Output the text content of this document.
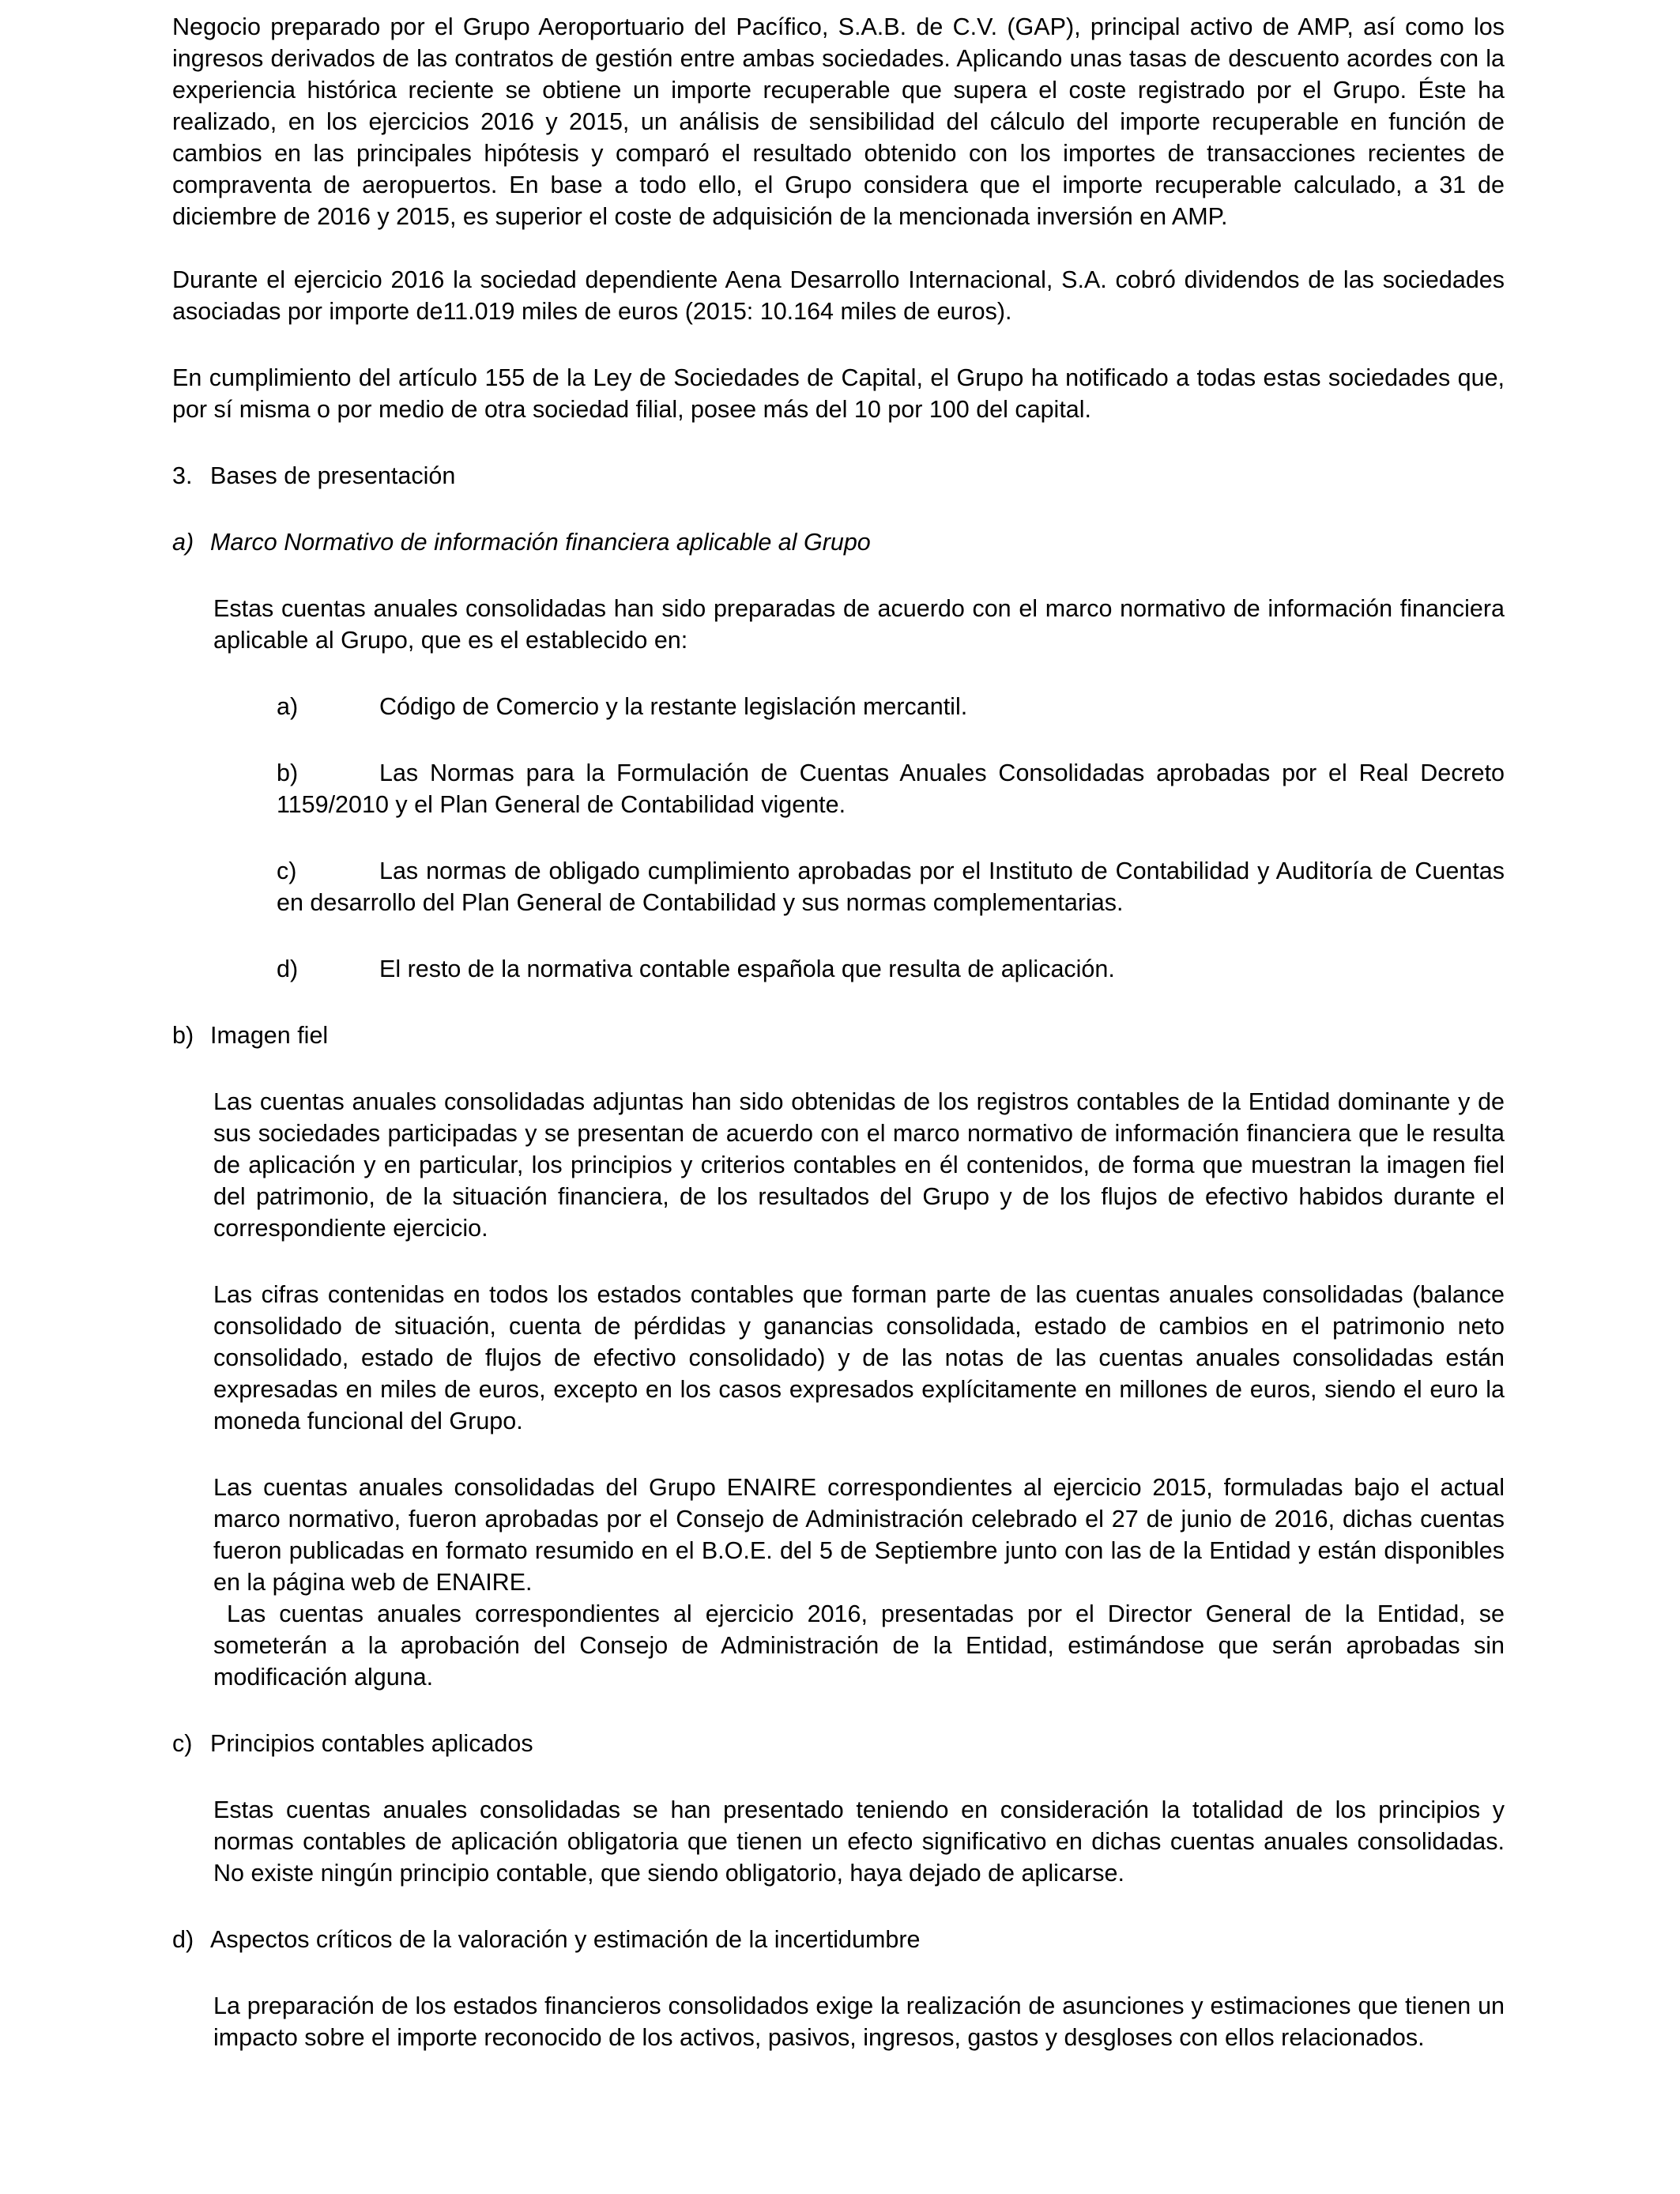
Negocio preparado por el Grupo Aeroportuario del Pacífico, S.A.B. de C.V. (GAP), principal activo de AMP, así como los ingresos derivados de las contratos de gestión entre ambas sociedades. Aplicando unas tasas de descuento acordes con la experiencia histórica reciente se obtiene un importe recuperable que supera el coste registrado por el Grupo. Éste ha realizado, en los ejercicios 2016 y 2015, un análisis de sensibilidad del cálculo del importe recuperable en función de cambios en las principales hipótesis y comparó el resultado obtenido con los importes de transacciones recientes de compraventa de aeropuertos. En base a todo ello, el Grupo considera que el importe recuperable calculado, a 31 de diciembre de 2016 y 2015, es superior el coste de adquisición de la mencionada inversión en AMP.

Durante el ejercicio 2016 la sociedad dependiente Aena Desarrollo Internacional, S.A. cobró dividendos de las sociedades asociadas por importe de11.019 miles de euros (2015: 10.164 miles de euros).

En cumplimiento del artículo 155 de la Ley de Sociedades de Capital, el Grupo ha notificado a todas estas sociedades que, por sí misma o por medio de otra sociedad filial, posee más del 10 por 100 del capital.

3. Bases de presentación
a) Marco Normativo de información financiera aplicable al Grupo

Estas cuentas anuales consolidadas han sido preparadas de acuerdo con el marco normativo de información financiera aplicable al Grupo, que es el establecido en:

a)	Código de Comercio y la restante legislación mercantil.

b)	Las Normas para la Formulación de Cuentas Anuales Consolidadas aprobadas por el Real Decreto 1159/2010 y el Plan General de Contabilidad vigente.

c)	Las normas de obligado cumplimiento aprobadas por el Instituto de Contabilidad y Auditoría de Cuentas en desarrollo del Plan General de Contabilidad y sus normas complementarias.

d)	El resto de la normativa contable española que resulta de aplicación.

b) Imagen fiel

Las cuentas anuales consolidadas adjuntas han sido obtenidas de los registros contables de la Entidad dominante y de sus sociedades participadas y se presentan de acuerdo con el marco normativo de información financiera que le resulta de aplicación y en particular, los principios y criterios contables en él contenidos, de forma que muestran la imagen fiel del patrimonio, de la situación financiera, de los resultados del Grupo y de los flujos de efectivo habidos durante el correspondiente ejercicio.

Las cifras contenidas en todos los estados contables que forman parte de las cuentas anuales consolidadas (balance consolidado de situación, cuenta de pérdidas y ganancias consolidada, estado de cambios en el patrimonio neto consolidado, estado de flujos de efectivo consolidado) y de las notas de las cuentas anuales consolidadas están expresadas en miles de euros, excepto en los casos expresados explícitamente en millones de euros, siendo el euro la moneda funcional del Grupo.

Las cuentas anuales consolidadas del Grupo ENAIRE correspondientes al ejercicio 2015, formuladas bajo el actual marco normativo, fueron aprobadas por el Consejo de Administración celebrado el 27 de junio de 2016, dichas cuentas fueron publicadas en formato resumido en el B.O.E. del 5 de Septiembre junto con las de la Entidad y están disponibles en la página web de ENAIRE.

Las cuentas anuales correspondientes al ejercicio 2016, presentadas por el Director General de la Entidad, se someterán a la aprobación del Consejo de Administración de la Entidad, estimándose que serán aprobadas sin modificación alguna.

c) Principios contables aplicados

Estas cuentas anuales consolidadas se han presentado teniendo en consideración la totalidad de los principios y normas contables de aplicación obligatoria que tienen un efecto significativo en dichas cuentas anuales consolidadas. No existe ningún principio contable, que siendo obligatorio, haya dejado de aplicarse.

d) Aspectos críticos de la valoración y estimación de la incertidumbre

La preparación de los estados financieros consolidados exige la realización de asunciones y estimaciones que tienen un impacto sobre el importe reconocido de los activos, pasivos, ingresos, gastos y desgloses con ellos relacionados.
